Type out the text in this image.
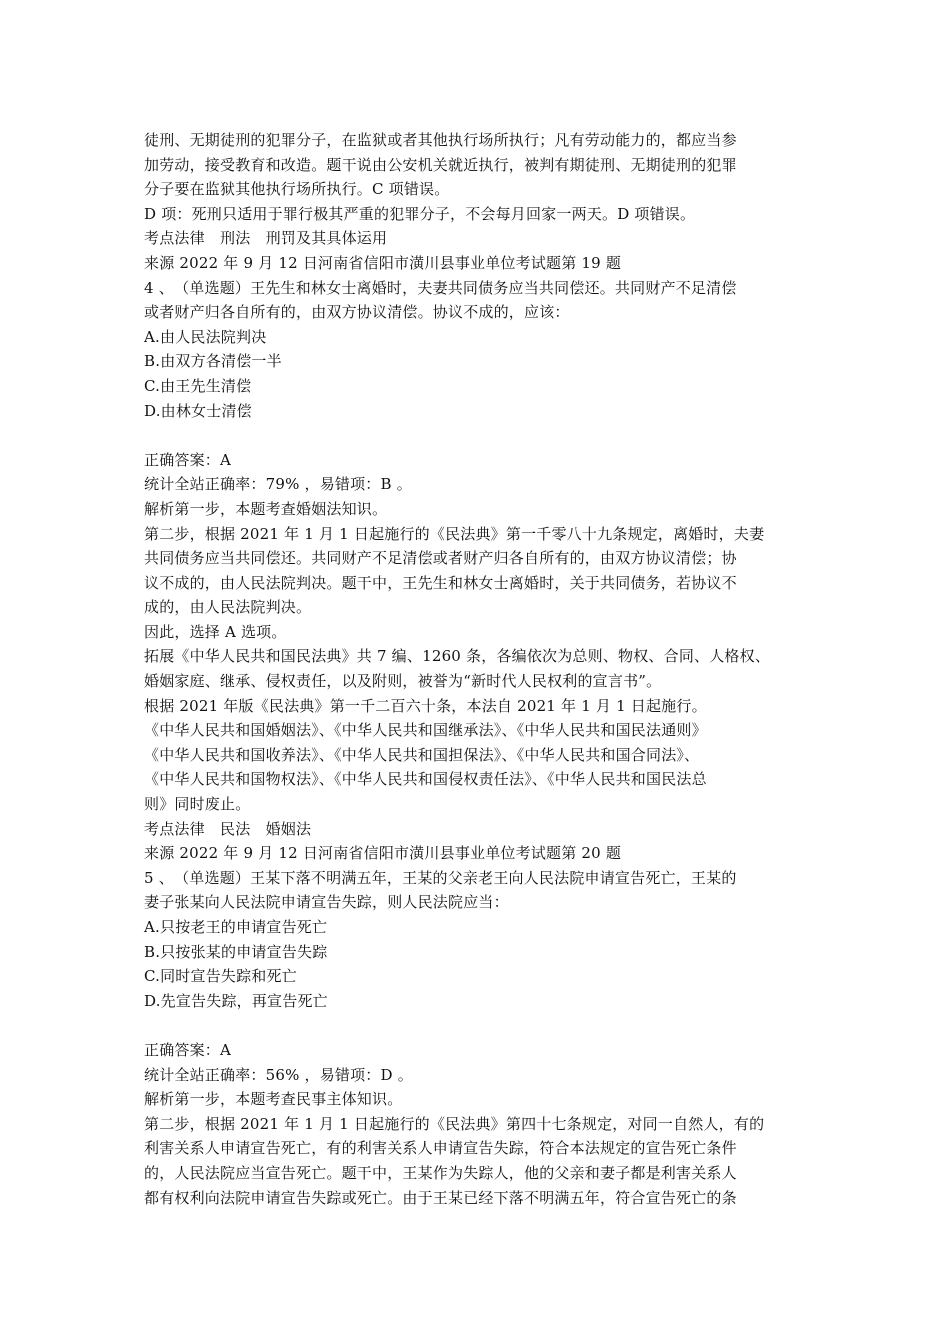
徒刑、无期徒刑的犯罪分子，在监狱或者其他执行场所执行；凡有劳动能力的，都应当参
加劳动，接受教育和改造。题干说由公安机关就近执行，被判有期徒刑、无期徒刑的犯罪
分子要在监狱其他执行场所执行。C 项错误。
D 项：死刑只适用于罪行极其严重的犯罪分子，不会每月回家一两天。D 项错误。
考点法律　刑法　刑罚及其具体运用
来源 2022 年 9 月 12 日河南省信阳市潢川县事业单位考试题第 19 题
4 、　（单选题）王先生和林女士离婚时，夫妻共同债务应当共同偿还。共同财产不足清偿
或者财产归各自所有的，由双方协议清偿。协议不成的，应该：
A.由人民法院判决
B.由双方各清偿一半
C.由王先生清偿
D.由林女士清偿
正确答案：A
统计全站正确率：79% ，易错项：B 。
解析第一步，本题考查婚姻法知识。
第二步，根据 2021 年 1 月 1 日起施行的《民法典》第一千零八十九条规定，离婚时，夫妻
共同债务应当共同偿还。共同财产不足清偿或者财产归各自所有的，由双方协议清偿；协
议不成的，由人民法院判决。题干中，王先生和林女士离婚时，关于共同债务，若协议不
成的，由人民法院判决。
因此，选择 A 选项。
拓展《中华人民共和国民法典》共 7 编、1260 条，各编依次为总则、物权、合同、人格权、
婚姻家庭、继承、侵权责任，以及附则，被誉为“新时代人民权利的宣言书”。
根据 2021 年版《民法典》第一千二百六十条，本法自 2021 年 1 月 1 日起施行。
《中华人民共和国婚姻法》、《中华人民共和国继承法》、《中华人民共和国民法通则》
《中华人民共和国收养法》、《中华人民共和国担保法》、《中华人民共和国合同法》、
《中华人民共和国物权法》、《中华人民共和国侵权责任法》、《中华人民共和国民法总
则》同时废止。
考点法律　民法　婚姻法
来源 2022 年 9 月 12 日河南省信阳市潢川县事业单位考试题第 20 题
5 、　（单选题）王某下落不明满五年，王某的父亲老王向人民法院申请宣告死亡，王某的
妻子张某向人民法院申请宣告失踪，则人民法院应当：
A.只按老王的申请宣告死亡
B.只按张某的申请宣告失踪
C.同时宣告失踪和死亡
D.先宣告失踪，再宣告死亡
正确答案：A
统计全站正确率：56% ，易错项：D 。
解析第一步，本题考查民事主体知识。
第二步，根据 2021 年 1 月 1 日起施行的《民法典》第四十七条规定，对同一自然人，有的
利害关系人申请宣告死亡，有的利害关系人申请宣告失踪，符合本法规定的宣告死亡条件
的，人民法院应当宣告死亡。题干中，王某作为失踪人，他的父亲和妻子都是利害关系人
都有权利向法院申请宣告失踪或死亡。由于王某已经下落不明满五年，符合宣告死亡的条
